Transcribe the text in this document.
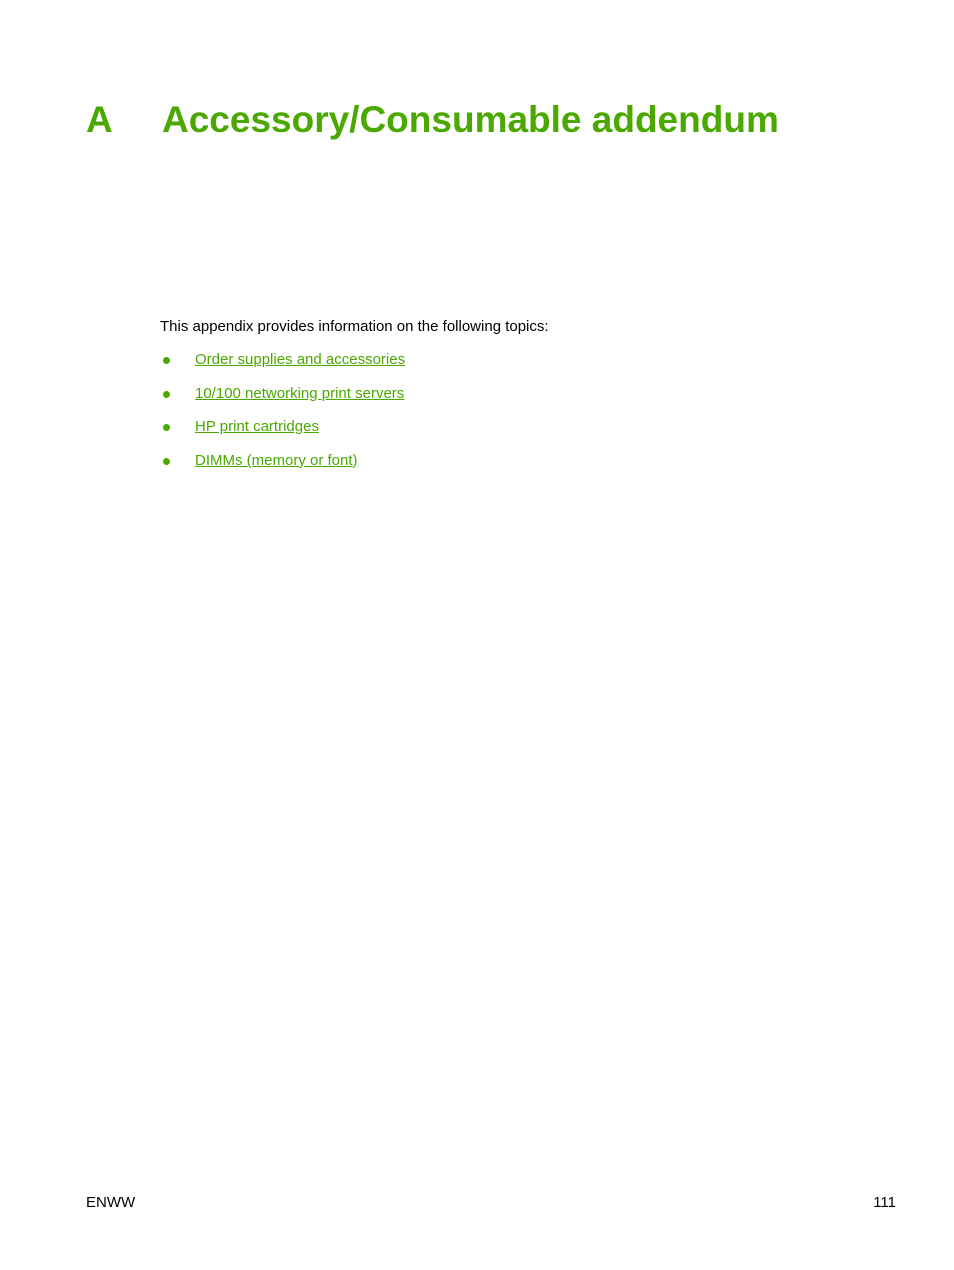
A Accessory/Consumable addendum

This appendix provides information on the following topics:

Order supplies and accessories
10/100 networking print servers
HP print cartridges
DIMMs (memory or font)
ENWW	111
